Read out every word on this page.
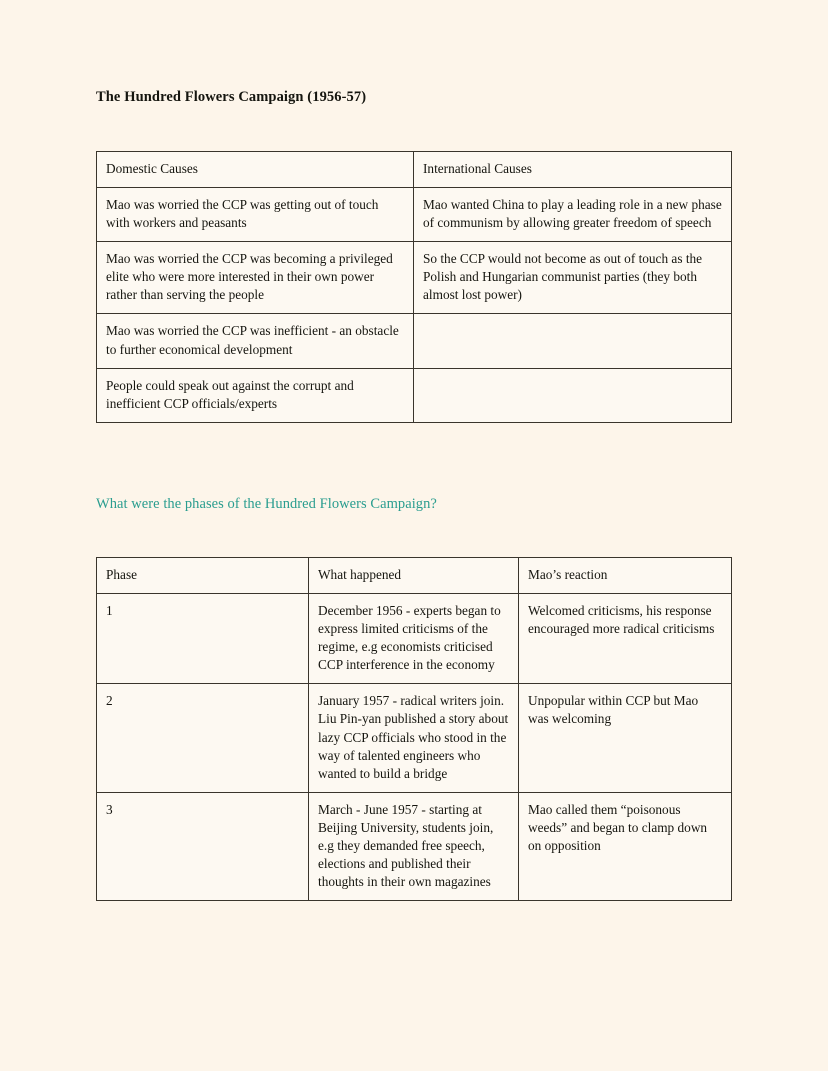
The Hundred Flowers Campaign (1956-57)
Domestic Causes	International Causes
Mao was worried the CCP was getting out of touch with workers and peasants	Mao wanted China to play a leading role in a new phase of communism by allowing greater freedom of speech
Mao was worried the CCP was becoming a privileged elite who were more interested in their own power rather than serving the people	So the CCP would not become as out of touch as the Polish and Hungarian communist parties (they both almost lost power)
Mao was worried the CCP was inefficient - an obstacle to further economical development	
People could speak out against the corrupt and inefficient CCP officials/experts	
What were the phases of the Hundred Flowers Campaign?
Phase	What happened	Mao’s reaction
1	December 1956 - experts began to express limited criticisms of the regime, e.g economists criticised CCP interference in the economy	Welcomed criticisms, his response encouraged more radical criticisms
2	January 1957 - radical writers join. Liu Pin-yan published a story about lazy CCP officials who stood in the way of talented engineers who wanted to build a bridge	Unpopular within CCP but Mao was welcoming
3	March - June 1957 - starting at Beijing University, students join, e.g they demanded free speech, elections and published their thoughts in their own magazines	Mao called them “poisonous weeds” and began to clamp down on opposition
